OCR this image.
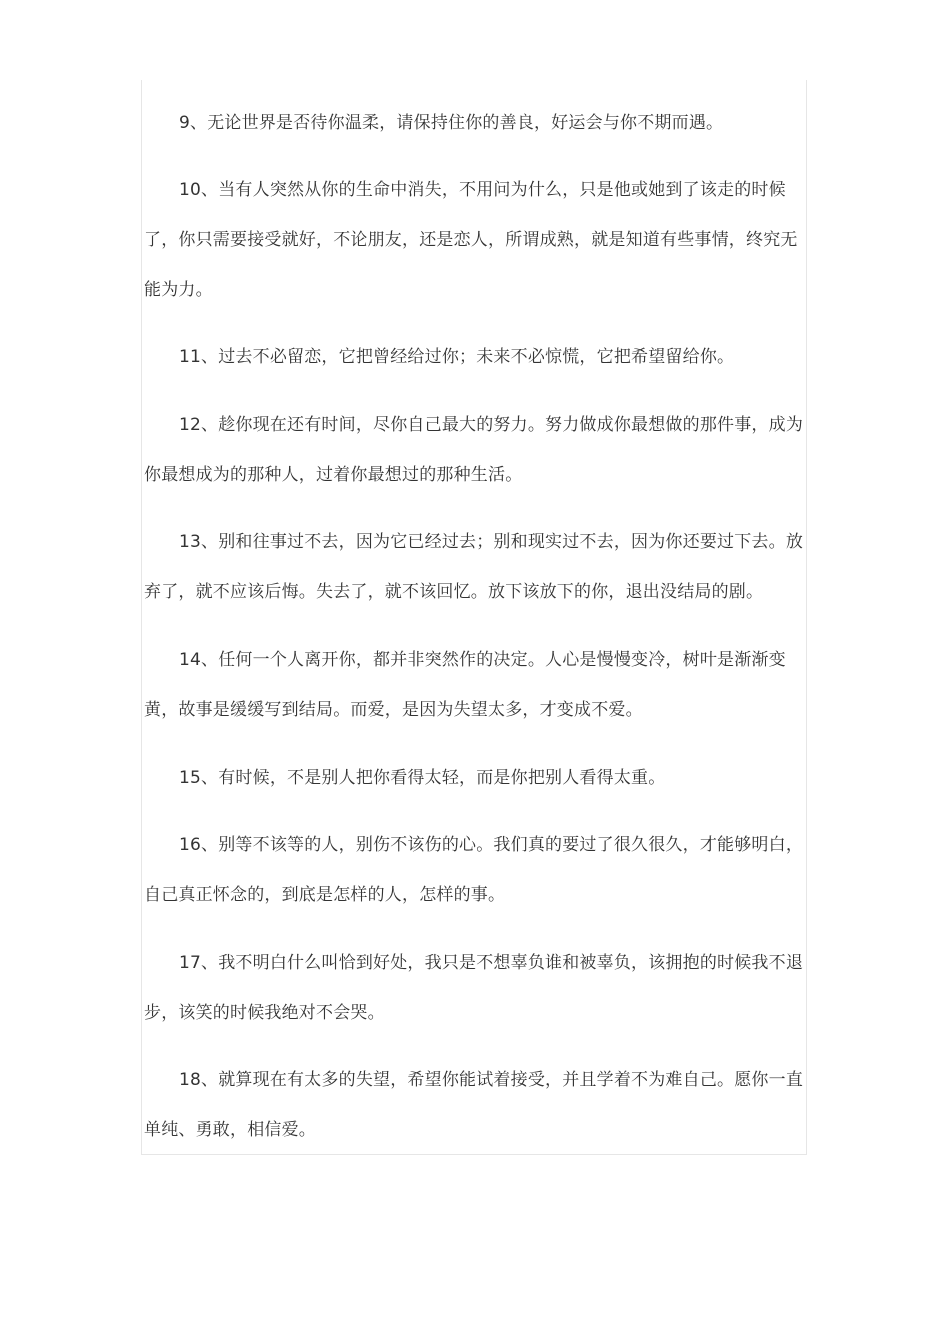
9、无论世界是否待你温柔，请保持住你的善良，好运会与你不期而遇。

10、当有人突然从你的生命中消失，不用问为什么，只是他或她到了该走的时候了，你只需要接受就好，不论朋友，还是恋人，所谓成熟，就是知道有些事情，终究无能为力。

11、过去不必留恋，它把曾经给过你；未来不必惊慌，它把希望留给你。

12、趁你现在还有时间，尽你自己最大的努力。努力做成你最想做的那件事，成为你最想成为的那种人，过着你最想过的那种生活。

13、别和往事过不去，因为它已经过去；别和现实过不去，因为你还要过下去。放弃了，就不应该后悔。失去了，就不该回忆。放下该放下的你，退出没结局的剧。

14、任何一个人离开你，都并非突然作的决定。人心是慢慢变冷，树叶是渐渐变黄，故事是缓缓写到结局。而爱，是因为失望太多，才变成不爱。

15、有时候，不是别人把你看得太轻，而是你把别人看得太重。

16、别等不该等的人，别伤不该伤的心。我们真的要过了很久很久，才能够明白，自己真正怀念的，到底是怎样的人，怎样的事。

17、我不明白什么叫恰到好处，我只是不想辜负谁和被辜负，该拥抱的时候我不退步，该笑的时候我绝对不会哭。

18、就算现在有太多的失望，希望你能试着接受，并且学着不为难自己。愿你一直单纯、勇敢，相信爱。
